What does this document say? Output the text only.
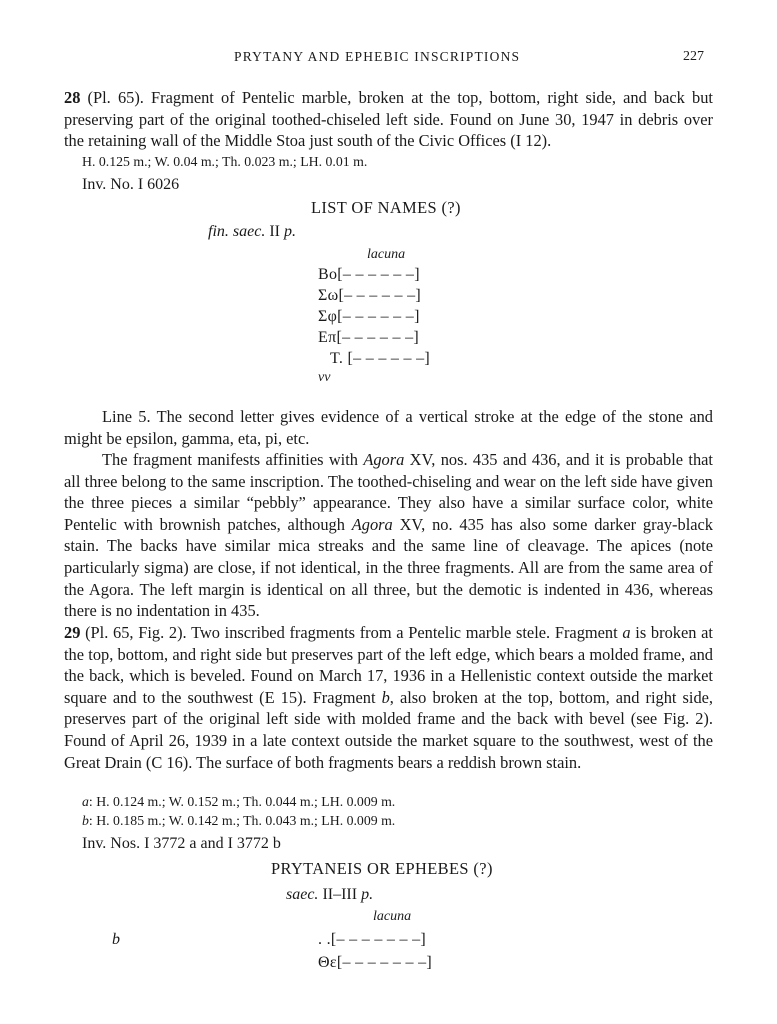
PRYTANY AND EPHEBIC INSCRIPTIONS	227

28 (Pl. 65). Fragment of Pentelic marble, broken at the top, bottom, right side, and back but preserving part of the original toothed-chiseled left side. Found on June 30, 1947 in debris over the retaining wall of the Middle Stoa just south of the Civic Offices (I 12).

H. 0.125 m.; W. 0.04 m.; Th. 0.023 m.; LH. 0.01 m.
Inv. No. I 6026
LIST OF NAMES (?)
fin. saec. II p.
lacuna
Βο[– – – – – –]
Σω[– – – – – –]
Σφ[– – – – – –]
Επ[– – – – – –]
Τ. [– – – – – –]
vv

Line 5. The second letter gives evidence of a vertical stroke at the edge of the stone and might be epsilon, gamma, eta, pi, etc.

The fragment manifests affinities with Agora XV, nos. 435 and 436, and it is probable that all three belong to the same inscription. The toothed-chiseling and wear on the left side have given the three pieces a similar “pebbly” appearance. They also have a similar surface color, white Pentelic with brownish patches, although Agora XV, no. 435 has also some darker gray-black stain. The backs have similar mica streaks and the same line of cleavage. The apices (note particularly sigma) are close, if not identical, in the three fragments. All are from the same area of the Agora. The left margin is identical on all three, but the demotic is indented in 436, whereas there is no indentation in 435.

29 (Pl. 65, Fig. 2). Two inscribed fragments from a Pentelic marble stele. Fragment a is broken at the top, bottom, and right side but preserves part of the left edge, which bears a molded frame, and the back, which is beveled. Found on March 17, 1936 in a Hellenistic context outside the market square and to the southwest (E 15). Fragment b, also broken at the top, bottom, and right side, preserves part of the original left side with molded frame and the back with bevel (see Fig. 2). Found of April 26, 1939 in a late context outside the market square to the southwest, west of the Great Drain (C 16). The surface of both fragments bears a reddish brown stain.

a: H. 0.124 m.; W. 0.152 m.; Th. 0.044 m.; LH. 0.009 m.
b: H. 0.185 m.; W. 0.142 m.; Th. 0.043 m.; LH. 0.009 m.
Inv. Nos. I 3772 a and I 3772 b
PRYTANEIS OR EPHEBES (?)
saec. II–III p.
lacuna
b	. .[– – – – – – –]
Θε[– – – – – – –]
